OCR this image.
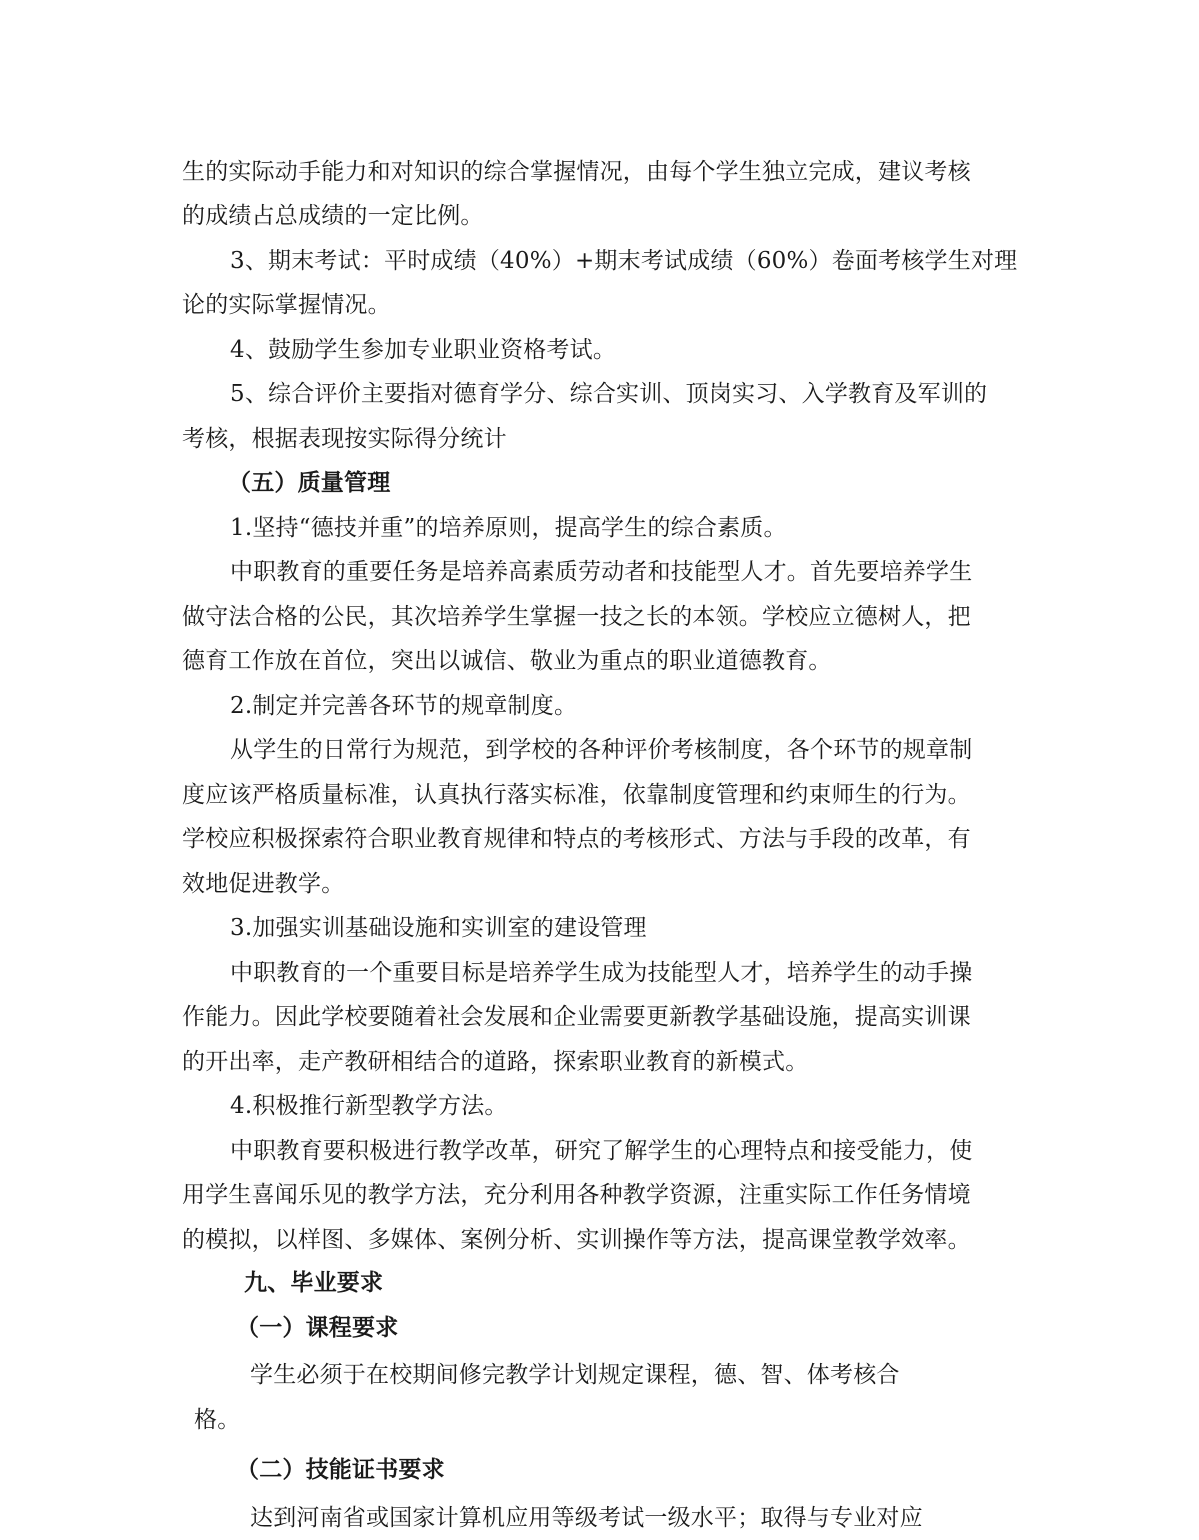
生的实际动手能力和对知识的综合掌握情况，由每个学生独立完成，建议考核
的成绩占总成绩的一定比例。
3、期末考试：平时成绩（40%）+期末考试成绩（60%）卷面考核学生对理
论的实际掌握情况。
4、鼓励学生参加专业职业资格考试。
5、综合评价主要指对德育学分、综合实训、顶岗实习、入学教育及军训的
考核，根据表现按实际得分统计
（五）质量管理
1.坚持“德技并重”的培养原则，提高学生的综合素质。
中职教育的重要任务是培养高素质劳动者和技能型人才。首先要培养学生
做守法合格的公民，其次培养学生掌握一技之长的本领。学校应立德树人，把
德育工作放在首位，突出以诚信、敬业为重点的职业道德教育。
2.制定并完善各环节的规章制度。
从学生的日常行为规范，到学校的各种评价考核制度，各个环节的规章制
度应该严格质量标准，认真执行落实标准，依靠制度管理和约束师生的行为。
学校应积极探索符合职业教育规律和特点的考核形式、方法与手段的改革，有
效地促进教学。
3.加强实训基础设施和实训室的建设管理
中职教育的一个重要目标是培养学生成为技能型人才，培养学生的动手操
作能力。因此学校要随着社会发展和企业需要更新教学基础设施，提高实训课
的开出率，走产教研相结合的道路，探索职业教育的新模式。
4.积极推行新型教学方法。
中职教育要积极进行教学改革，研究了解学生的心理特点和接受能力，使
用学生喜闻乐见的教学方法，充分利用各种教学资源，注重实际工作任务情境
的模拟，以样图、多媒体、案例分析、实训操作等方法，提高课堂教学效率。
九、毕业要求
（一）课程要求
学生必须于在校期间修完教学计划规定课程，德、智、体考核合
格。
（二）技能证书要求
达到河南省或国家计算机应用等级考试一级水平；取得与专业对应
